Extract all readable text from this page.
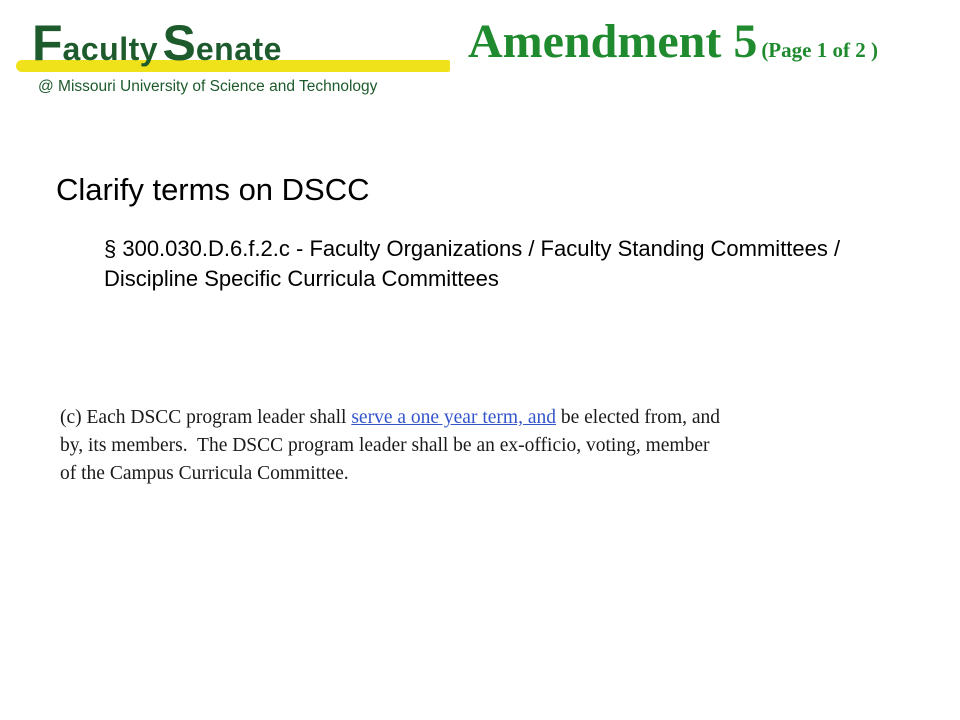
Faculty Senate
@ Missouri University of Science and Technology
Amendment 5 (Page 1 of 2 )
Clarify terms on DSCC

§ 300.030.D.6.f.2.c - Faculty Organizations / Faculty Standing Committees / Discipline Specific Curricula Committees

(c) Each DSCC program leader shall serve a one year term, and be elected from, and
by, its members.  The DSCC program leader shall be an ex-officio, voting, member
of the Campus Curricula Committee.
